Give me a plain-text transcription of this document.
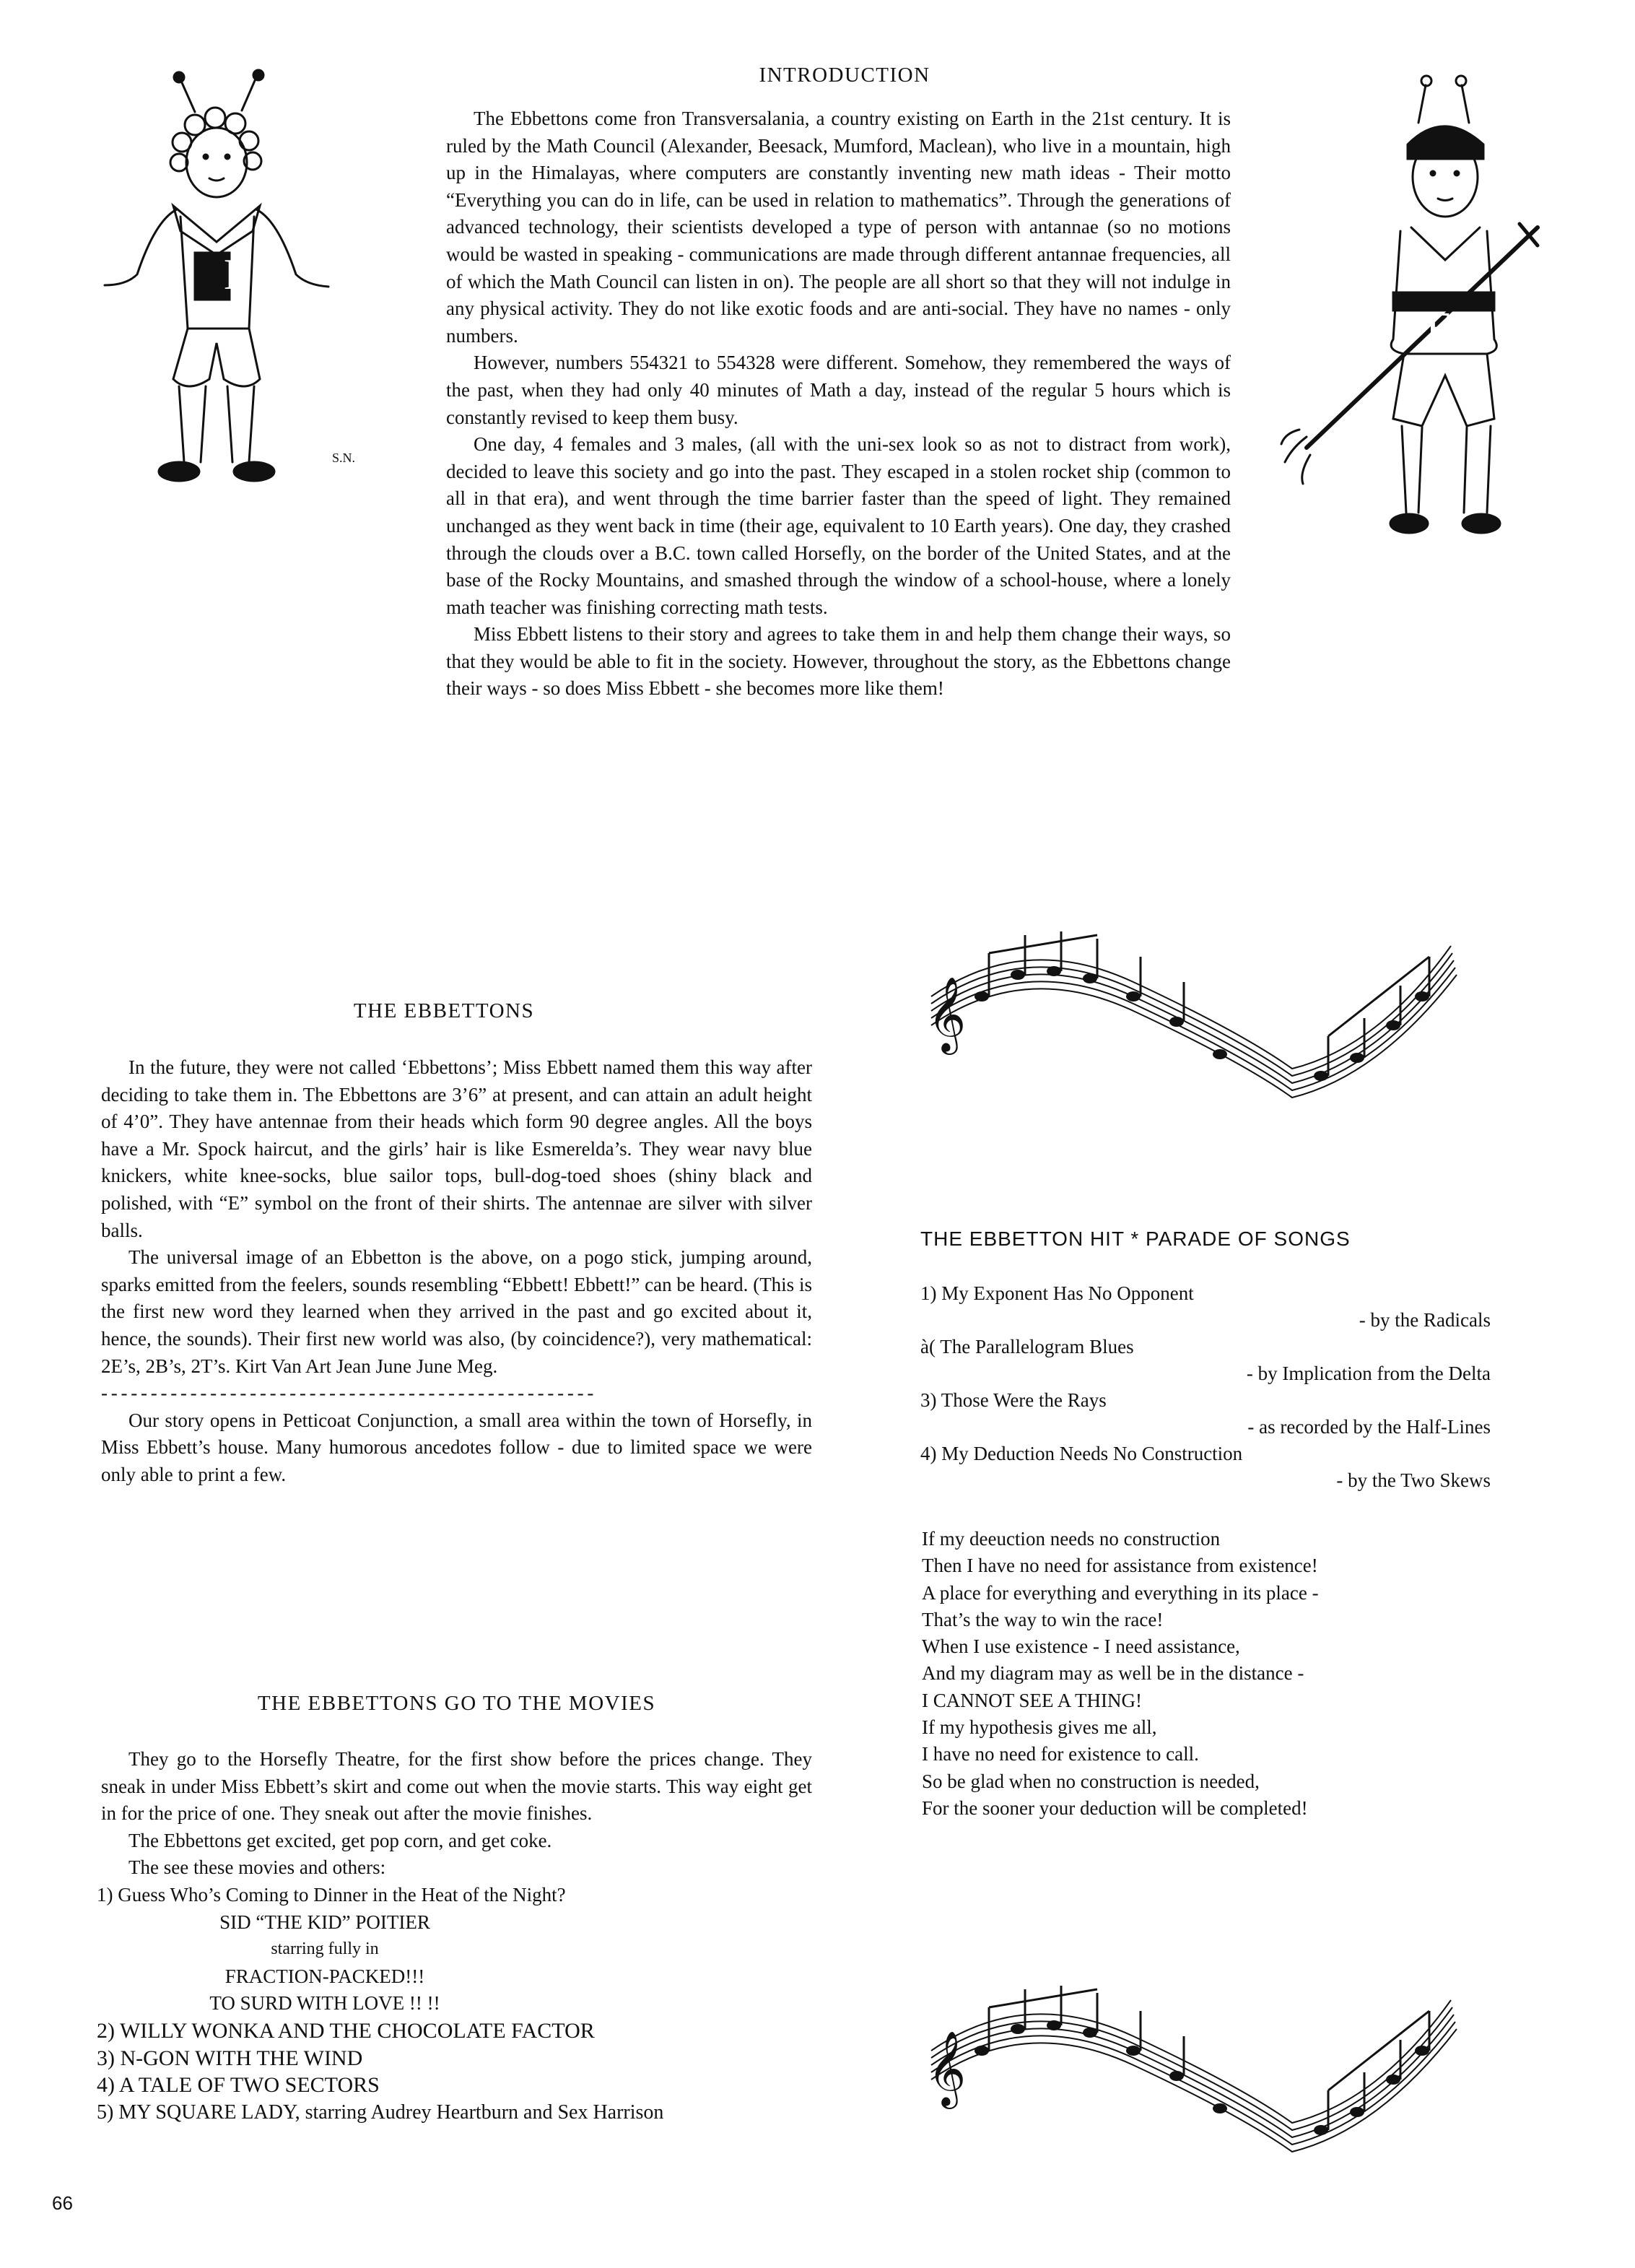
E
S.N.
E
INTRODUCTION

The Ebbettons come fron Transversalania, a country existing on Earth in the 21st century. It is ruled by the Math Council (Alexander, Beesack, Mumford, Maclean), who live in a mountain, high up in the Himalayas, where computers are constantly inventing new math ideas - Their motto “Everything you can do in life, can be used in relation to mathematics”. Through the generations of advanced technology, their scientists developed a type of person with antannae (so no motions would be wasted in speaking - communications are made through different antannae frequencies, all of which the Math Council can listen in on). The people are all short so that they will not indulge in any physical activity. They do not like exotic foods and are anti-social. They have no names - only numbers.

However, numbers 554321 to 554328 were different. Somehow, they remembered the ways of the past, when they had only 40 minutes of Math a day, instead of the regular 5 hours which is constantly revised to keep them busy.

One day, 4 females and 3 males, (all with the uni-sex look so as not to distract from work), decided to leave this society and go into the past. They escaped in a stolen rocket ship (common to all in that era), and went through the time barrier faster than the speed of light. They remained unchanged as they went back in time (their age, equivalent to 10 Earth years). One day, they crashed through the clouds over a B.C. town called Horsefly, on the border of the United States, and at the base of the Rocky Mountains, and smashed through the window of a school-house, where a lonely math teacher was finishing correcting math tests.

Miss Ebbett listens to their story and agrees to take them in and help them change their ways, so that they would be able to fit in the society. However, throughout the story, as the Ebbettons change their ways - so does Miss Ebbett - she becomes more like them!

THE EBBETTONS

In the future, they were not called ‘Ebbettons’; Miss Ebbett named them this way after deciding to take them in. The Ebbettons are 3’6” at present, and can attain an adult height of 4’0”. They have antennae from their heads which form 90 degree angles. All the boys have a Mr. Spock haircut, and the girls’ hair is like Esmerelda’s. They wear navy blue knickers, white knee-socks, blue sailor tops, bull-dog-toed shoes (shiny black and polished, with “E” symbol on the front of their shirts. The antennae are silver with silver balls.

The universal image of an Ebbetton is the above, on a pogo stick, jumping around, sparks emitted from the feelers, sounds resembling “Ebbett! Ebbett!” can be heard. (This is the first new word they learned when they arrived in the past and go excited about it, hence, the sounds). Their first new world was also, (by coincidence?), very mathematical: 2E’s, 2B’s, 2T’s. Kirt Van Art Jean June June Meg.

- - - - - - - - - - - - - - - - - - - - - - - - - - - - - - - - - - - - - - - - - - - - - - - - - -

Our story opens in Petticoat Conjunction, a small area within the town of Horsefly, in Miss Ebbett’s house. Many humorous ancedotes follow - due to limited space we were only able to print a few.

THE EBBETTONS GO TO THE MOVIES

They go to the Horsefly Theatre, for the first show before the prices change. They sneak in under Miss Ebbett’s skirt and come out when the movie starts. This way eight get in for the price of one. They sneak out after the movie finishes.

The Ebbettons get excited, get pop corn, and get coke.

The see these movies and others:

1) Guess Who’s Coming to Dinner in the Heat of the Night?
SID “THE KID” POITIER
starring fully in
FRACTION-PACKED!!!
TO SURD WITH LOVE !! !!
2) WILLY WONKA AND THE CHOCOLATE FACTOR
3) N-GON WITH THE WIND
4) A TALE OF TWO SECTORS
5) MY SQUARE LADY, starring Audrey Heartburn and Sex Harrison
𝄞
THE EBBETTON HIT * PARADE OF SONGS
1) My Exponent Has No Opponent
- by the Radicals
à( The Parallelogram Blues
- by Implication from the Delta
3) Those Were the Rays
- as recorded by the Half-Lines
4) My Deduction Needs No Construction
- by the Two Skews
If my deeuction needs no construction
Then I have no need for assistance from existence!
A place for everything and everything in its place -
That’s the way to win the race!
When I use existence - I need assistance,
And my diagram may as well be in the distance -
I CANNOT SEE A THING!
If my hypothesis gives me all,
I have no need for existence to call.
So be glad when no construction is needed,
For the sooner your deduction will be completed!
𝄞
66
